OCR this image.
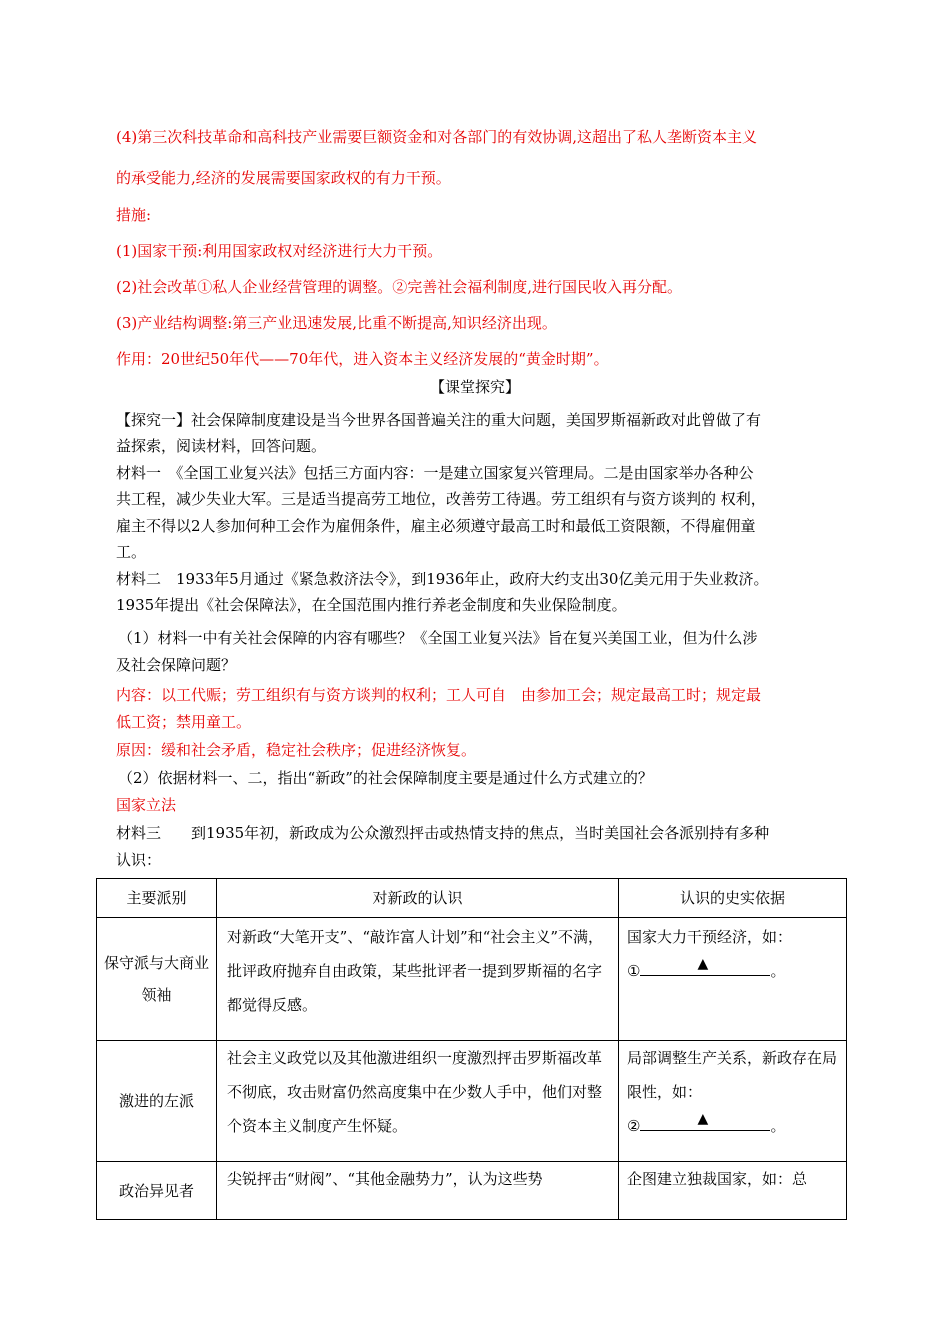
(4)第三次科技革命和高科技产业需要巨额资金和对各部门的有效协调,这超出了私人垄断资本主义
的承受能力,经济的发展需要国家政权的有力干预。
措施:
(1)国家干预:利用国家政权对经济进行大力干预。
(2)社会改革①私人企业经营管理的调整。②完善社会福利制度,进行国民收入再分配。
(3)产业结构调整:第三产业迅速发展,比重不断提高,知识经济出现。
作用：20世纪50年代——70年代，进入资本主义经济发展的“黄金时期”。
【课堂探究】
【探究一】社会保障制度建设是当今世界各国普遍关注的重大问题，美国罗斯福新政对此曾做了有
益探索，阅读材料，回答问题。
材料一　《全国工业复兴法》包括三方面内容：一是建立国家复兴管理局。二是由国家举办各种公
共工程，减少失业大军。三是适当提高劳工地位，改善劳工待遇。劳工组织有与资方谈判的 权利，
雇主不得以2人参加何种工会作为雇佣条件，雇主必须遵守最高工时和最低工资限额，不得雇佣童
工。
材料二　1933年5月通过《紧急救济法令》，到1936年止，政府大约支出30亿美元用于失业救济。
1935年提出《社会保障法》，在全国范围内推行养老金制度和失业保险制度。
（1）材料一中有关社会保障的内容有哪些？《全国工业复兴法》旨在复兴美国工业，但为什么涉
及社会保障问题？
内容：以工代赈；劳工组织有与资方谈判的权利；工人可自　由参加工会；规定最高工时；规定最
低工资；禁用童工。
原因：缓和社会矛盾，稳定社会秩序；促进经济恢复。
（2）依据材料一、二，指出“新政”的社会保障制度主要是通过什么方式建立的？
国家立法
材料三　　到1935年初，新政成为公众激烈抨击或热情支持的焦点，当时美国社会各派别持有多种
认识：
主要派别	对新政的认识	认识的史实依据
保守派与大商业领袖	对新政“大笔开支”、“敲诈富人计划”和“社会主义”不满，批评政府抛弃自由政策，某些批评者一提到罗斯福的名字都觉得反感。	国家大力干预经济，如：
① ▲ 。

激进的左派	社会主义政党以及其他激进组织一度激烈抨击罗斯福改革不彻底，攻击财富仍然高度集中在少数人手中，他们对整个资本主义制度产生怀疑。	局部调整生产关系，新政存在局限性，如：
② ▲ 。

政治异见者	尖锐抨击“财阀”、“其他金融势力”，认为这些势	企图建立独裁国家，如：总
